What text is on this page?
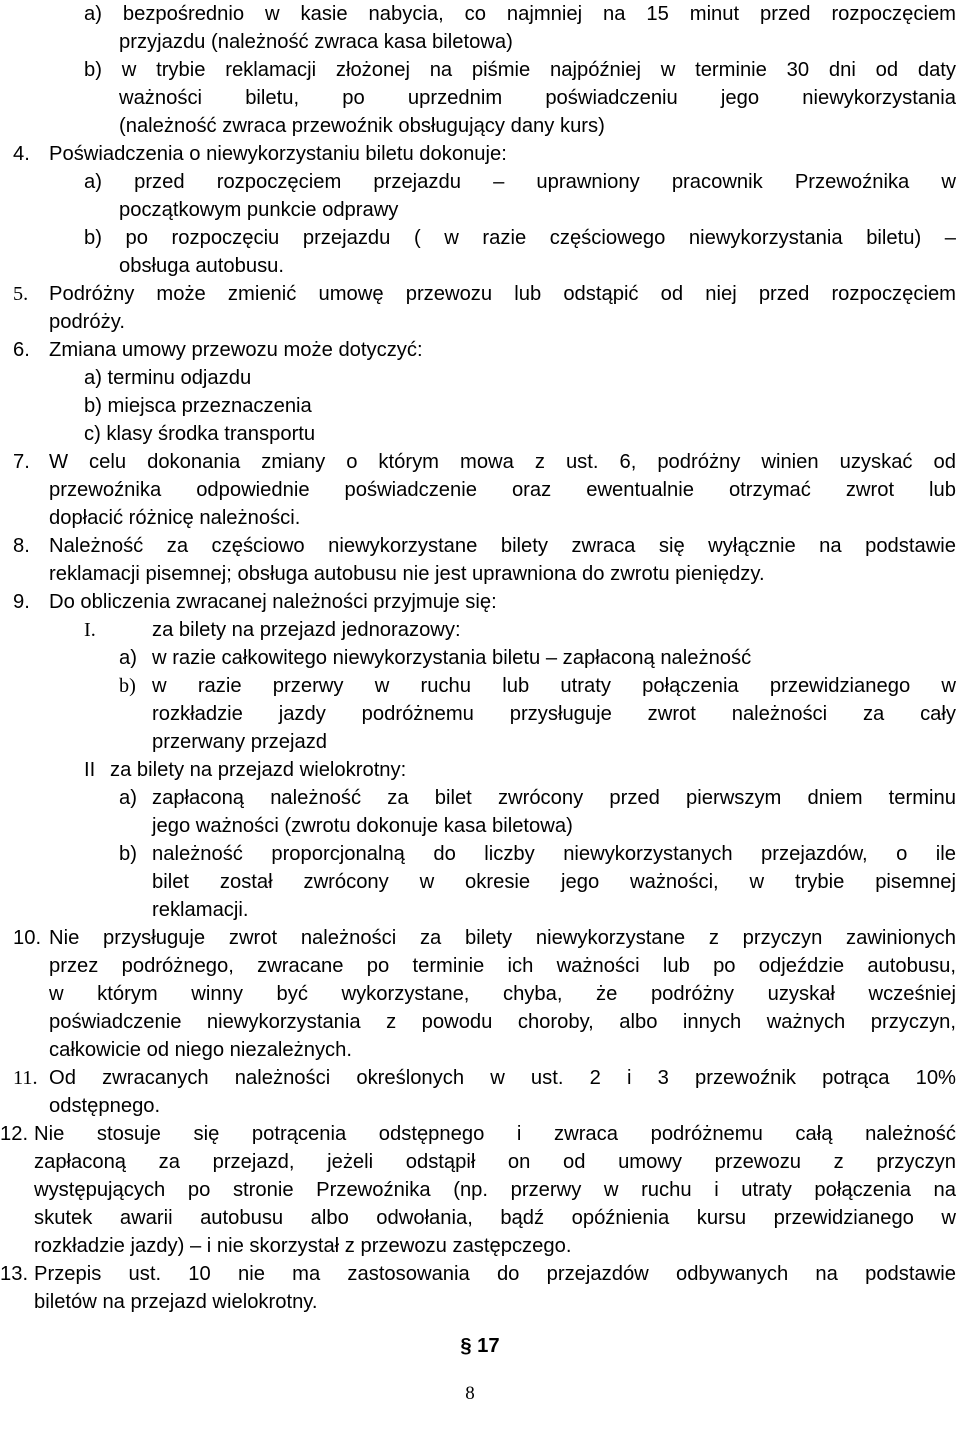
a) bezpośrednio w kasie nabycia, co najmniej na 15 minut przed rozpoczęciem
przyjazdu (należność zwraca kasa biletowa)
b) w trybie reklamacji złożonej na piśmie najpóźniej w terminie 30 dni od daty
ważności biletu, po uprzednim poświadczeniu jego niewykorzystania
(należność zwraca przewoźnik obsługujący dany kurs)
4. Poświadczenia o niewykorzystaniu biletu dokonuje:
a) przed rozpoczęciem przejazdu – uprawniony pracownik Przewoźnika w
początkowym punkcie odprawy
b) po rozpoczęciu przejazdu ( w razie częściowego niewykorzystania biletu) –
obsługa autobusu.
5. Podróżny może zmienić umowę przewozu lub odstąpić od niej przed rozpoczęciem
podróży.
6. Zmiana umowy przewozu może dotyczyć:
a) terminu odjazdu
b) miejsca przeznaczenia
c) klasy środka transportu
7. W celu dokonania zmiany o którym mowa z ust. 6, podróżny winien uzyskać od
przewoźnika odpowiednie poświadczenie oraz ewentualnie otrzymać zwrot lub
dopłacić różnicę należności.
8. Należność za częściowo niewykorzystane bilety zwraca się wyłącznie na podstawie
reklamacji pisemnej; obsługa autobusu nie jest uprawniona do zwrotu pieniędzy.
9. Do obliczenia zwracanej należności przyjmuje się:
I.	za bilety na przejazd jednorazowy:
a) w razie całkowitego niewykorzystania biletu – zapłaconą należność
b) w razie przerwy w ruchu lub utraty połączenia przewidzianego w
rozkładzie jazdy podróżnemu przysługuje zwrot należności za cały
przerwany przejazd
II za bilety na przejazd wielokrotny:
a) zapłaconą należność za bilet zwrócony przed pierwszym dniem terminu
jego ważności (zwrotu dokonuje kasa biletowa)
b) należność proporcjonalną do liczby niewykorzystanych przejazdów, o ile
bilet został zwrócony w okresie jego ważności, w trybie pisemnej
reklamacji.
10. Nie przysługuje zwrot należności za bilety niewykorzystane z przyczyn zawinionych
przez podróżnego, zwracane po terminie ich ważności lub po odjeździe autobusu,
w którym winny być wykorzystane, chyba, że podróżny uzyskał wcześniej
poświadczenie niewykorzystania z powodu choroby, albo innych ważnych przyczyn,
całkowicie od niego niezależnych.
11. Od zwracanych należności określonych w ust. 2 i 3 przewoźnik potrąca 10%
odstępnego.
12. Nie stosuje się potrącenia odstępnego i zwraca podróżnemu całą należność
zapłaconą za przejazd, jeżeli odstąpił on od umowy przewozu z przyczyn
występujących po stronie Przewoźnika (np. przerwy w ruchu i utraty połączenia na
skutek awarii autobusu albo odwołania, bądź opóźnienia kursu przewidzianego w
rozkładzie jazdy) – i nie skorzystał z przewozu zastępczego.
13. Przepis ust. 10 nie ma zastosowania do przejazdów odbywanych na podstawie
biletów na przejazd wielokrotny.
§ 17
8
